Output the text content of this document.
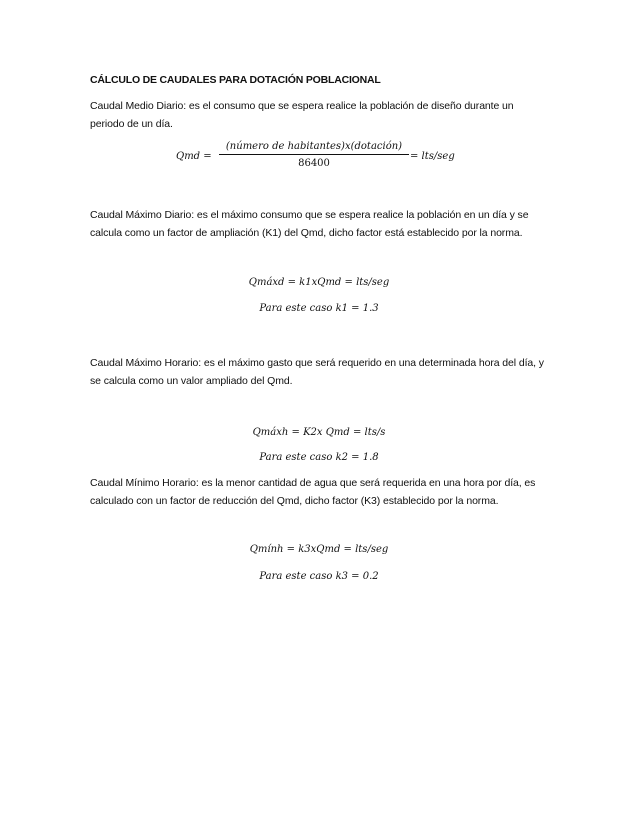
CÁLCULO DE CAUDALES PARA DOTACIÓN POBLACIONAL
Caudal Medio Diario: es el consumo que se espera realice la población de diseño durante un periodo de un día.
Qmd =
(número de habitantes)x(dotación)
86400
= lts/seg
Caudal Máximo Diario: es el máximo consumo que se espera realice la población en un día y se calcula como un factor de ampliación (K1) del Qmd, dicho factor está establecido por la norma.
Qmáxd = k1xQmd = lts/seg
Para este caso k1 = 1.3
Caudal Máximo Horario: es el máximo gasto que será requerido en una determinada hora del día, y se calcula como un valor ampliado del Qmd.
Qmáxh = K2x Qmd = lts/s
Para este caso k2 = 1.8
Caudal Mínimo Horario: es la menor cantidad de agua que será requerida en una hora por día, es calculado con un factor de reducción del Qmd, dicho factor (K3) establecido por la norma.
Qmính = k3xQmd = lts/seg
Para este caso k3 = 0.2
